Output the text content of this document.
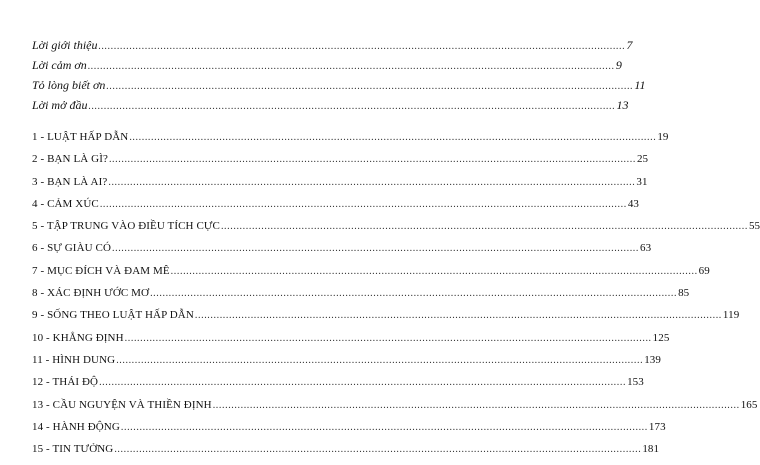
Lời giới thiệu .....	7
Lời cảm ơn .....	9
Tỏ lòng biết ơn .....	11
Lời mở đầu .....	13
1 - LUẬT HẤP DẪN .....	19
2 - BẠN LÀ GÌ? .....	25
3 - BẠN LÀ AI? .....	31
4 - CẢM XÚC .....	43
5 - TẬP TRUNG VÀO ĐIỀU TÍCH CỰC .....	55
6 - SỰ GIÀU CÓ .....	63
7 - MỤC ĐÍCH VÀ ĐAM MÊ .....	69
8 - XÁC ĐỊNH ƯỚC MƠ .....	85
9 - SỐNG THEO LUẬT HẤP DẪN .....	119
10 - KHẲNG ĐỊNH .....	125
11 - HÌNH DUNG .....	139
12 - THÁI ĐỘ .....	153
13 - CẦU NGUYỆN VÀ THIỀN ĐỊNH .....	165
14 - HÀNH ĐỘNG .....	173
15 - TIN TƯỞNG .....	181
